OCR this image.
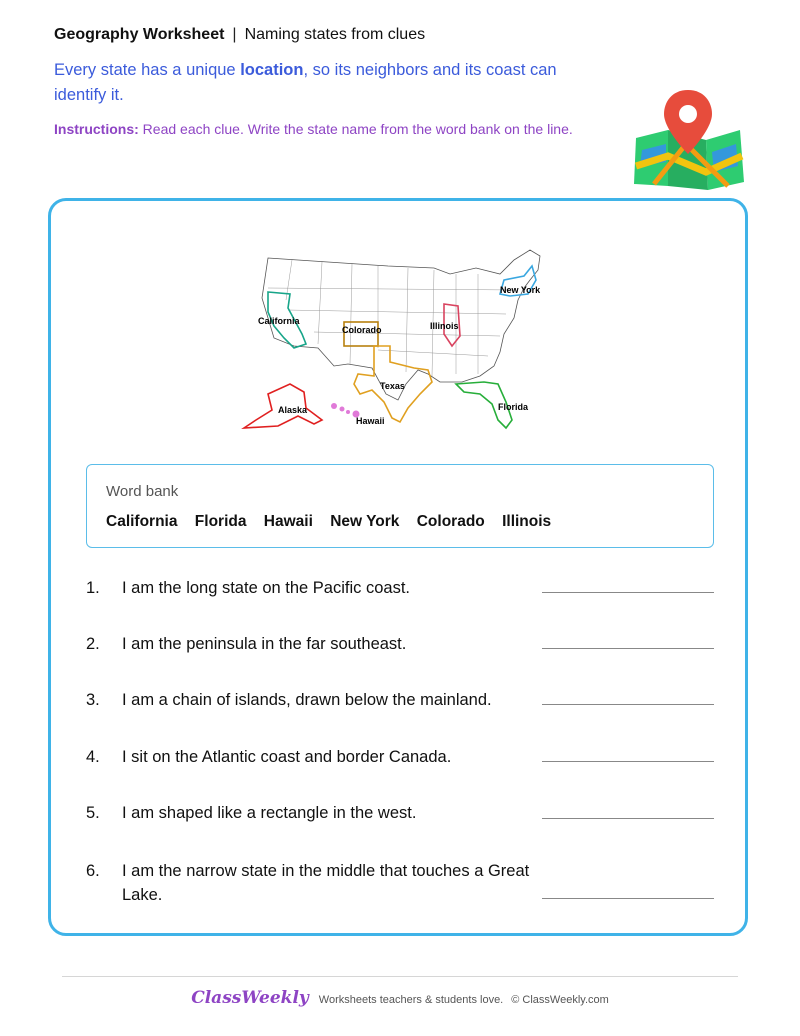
Geography Worksheet | Naming states from clues
Every state has a unique location, so its neighbors and its coast can identify it.
Instructions: Read each clue. Write the state name from the word bank on the line.
California
Colorado	Illinois
New York
Texas
Florida
Alaska
Hawaii
Word bank
California Florida Hawaii New York Colorado Illinois
1.	I am the long state on the Pacific coast.
2.	I am the peninsula in the far southeast.
3.	I am a chain of islands, drawn below the mainland.
4.	I sit on the Atlantic coast and border Canada.
5.	I am shaped like a rectangle in the west.
6.	I am the narrow state in the middle that touches a Great Lake.
ClassWeekly Worksheets teachers & students love. © ClassWeekly.com
